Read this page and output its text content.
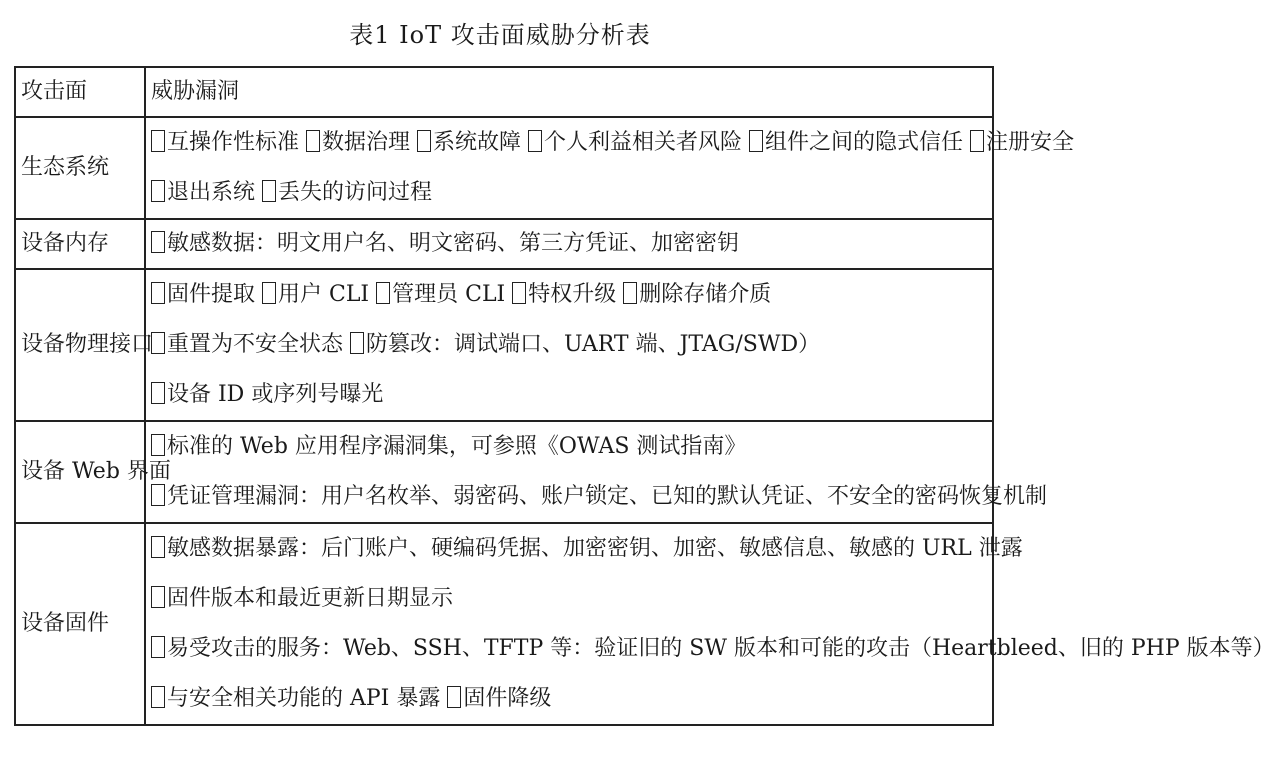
表1 IoT 攻击面威胁分析表
攻击面	威胁漏洞

生态系统	互操作性标准 数据治理 系统故障 个人利益相关者风险 组件之间的隐式信任 注册安全
退出系统 丢失的访问过程

设备内存	敏感数据：明文用户名、明文密码、第三方凭证、加密密钥

设备物理接口	固件提取 用户 CLI 管理员 CLI 特权升级 删除存储介质
重置为不安全状态 防篡改：调试端口、UART 端、JTAG/SWD）
设备 ID 或序列号曝光

设备 Web 界面	标准的 Web 应用程序漏洞集，可参照《OWAS 测试指南》
凭证管理漏洞：用户名枚举、弱密码、账户锁定、已知的默认凭证、不安全的密码恢复机制

设备固件	敏感数据暴露：后门账户、硬编码凭据、加密密钥、加密、敏感信息、敏感的 URL 泄露
固件版本和最近更新日期显示
易受攻击的服务：Web、SSH、TFTP 等：验证旧的 SW 版本和可能的攻击（Heartbleed、旧的 PHP 版本等）
与安全相关功能的 API 暴露 固件降级
